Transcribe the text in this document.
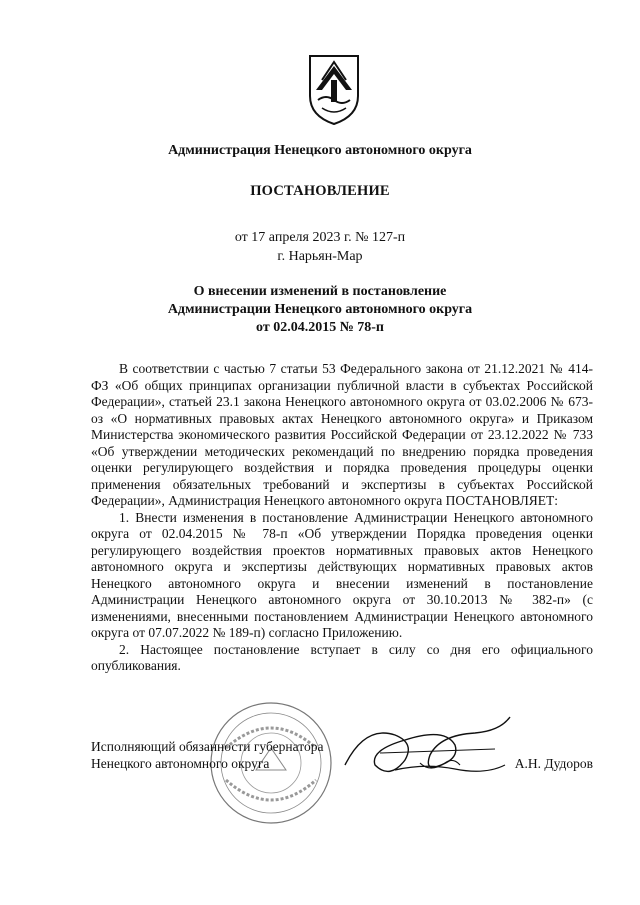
Администрация Ненецкого автономного округа
ПОСТАНОВЛЕНИЕ
от 17 апреля 2023 г. № 127-п
г. Нарьян-Мар
О внесении изменений в постановление
Администрации Ненецкого автономного округа
от 02.04.2015 № 78-п

В соответствии с частью 7 статьи 53 Федерального закона от 21.12.2021 № 414-ФЗ «Об общих принципах организации публичной власти в субъектах Российской Федерации», статьей 23.1 закона Ненецкого автономного округа от 03.02.2006 № 673-оз «О нормативных правовых актах Ненецкого автономного округа» и Приказом Министерства экономического развития Российской Федерации от 23.12.2022 № 733 «Об утверждении методических рекомендаций по внедрению порядка проведения оценки регулирующего воздействия и порядка проведения процедуры оценки применения обязательных требований и экспертизы в субъектах Российской Федерации», Администрация Ненецкого автономного округа ПОСТАНОВЛЯЕТ:

1. Внести изменения в постановление Администрации Ненецкого автономного округа от 02.04.2015 № 78-п «Об утверждении Порядка проведения оценки регулирующего воздействия проектов нормативных правовых актов Ненецкого автономного округа и экспертизы действующих нормативных правовых актов Ненецкого автономного округа и внесении изменений в постановление Администрации Ненецкого автономного округа от 30.10.2013 № 382-п» (с изменениями, внесенными постановлением Администрации Ненецкого автономного округа от 07.07.2022 № 189-п) согласно Приложению.

2. Настоящее постановление вступает в силу со дня его официального опубликования.

Исполняющий обязанности губернатора
Ненецкого автономного округа	А.Н. Дудоров
